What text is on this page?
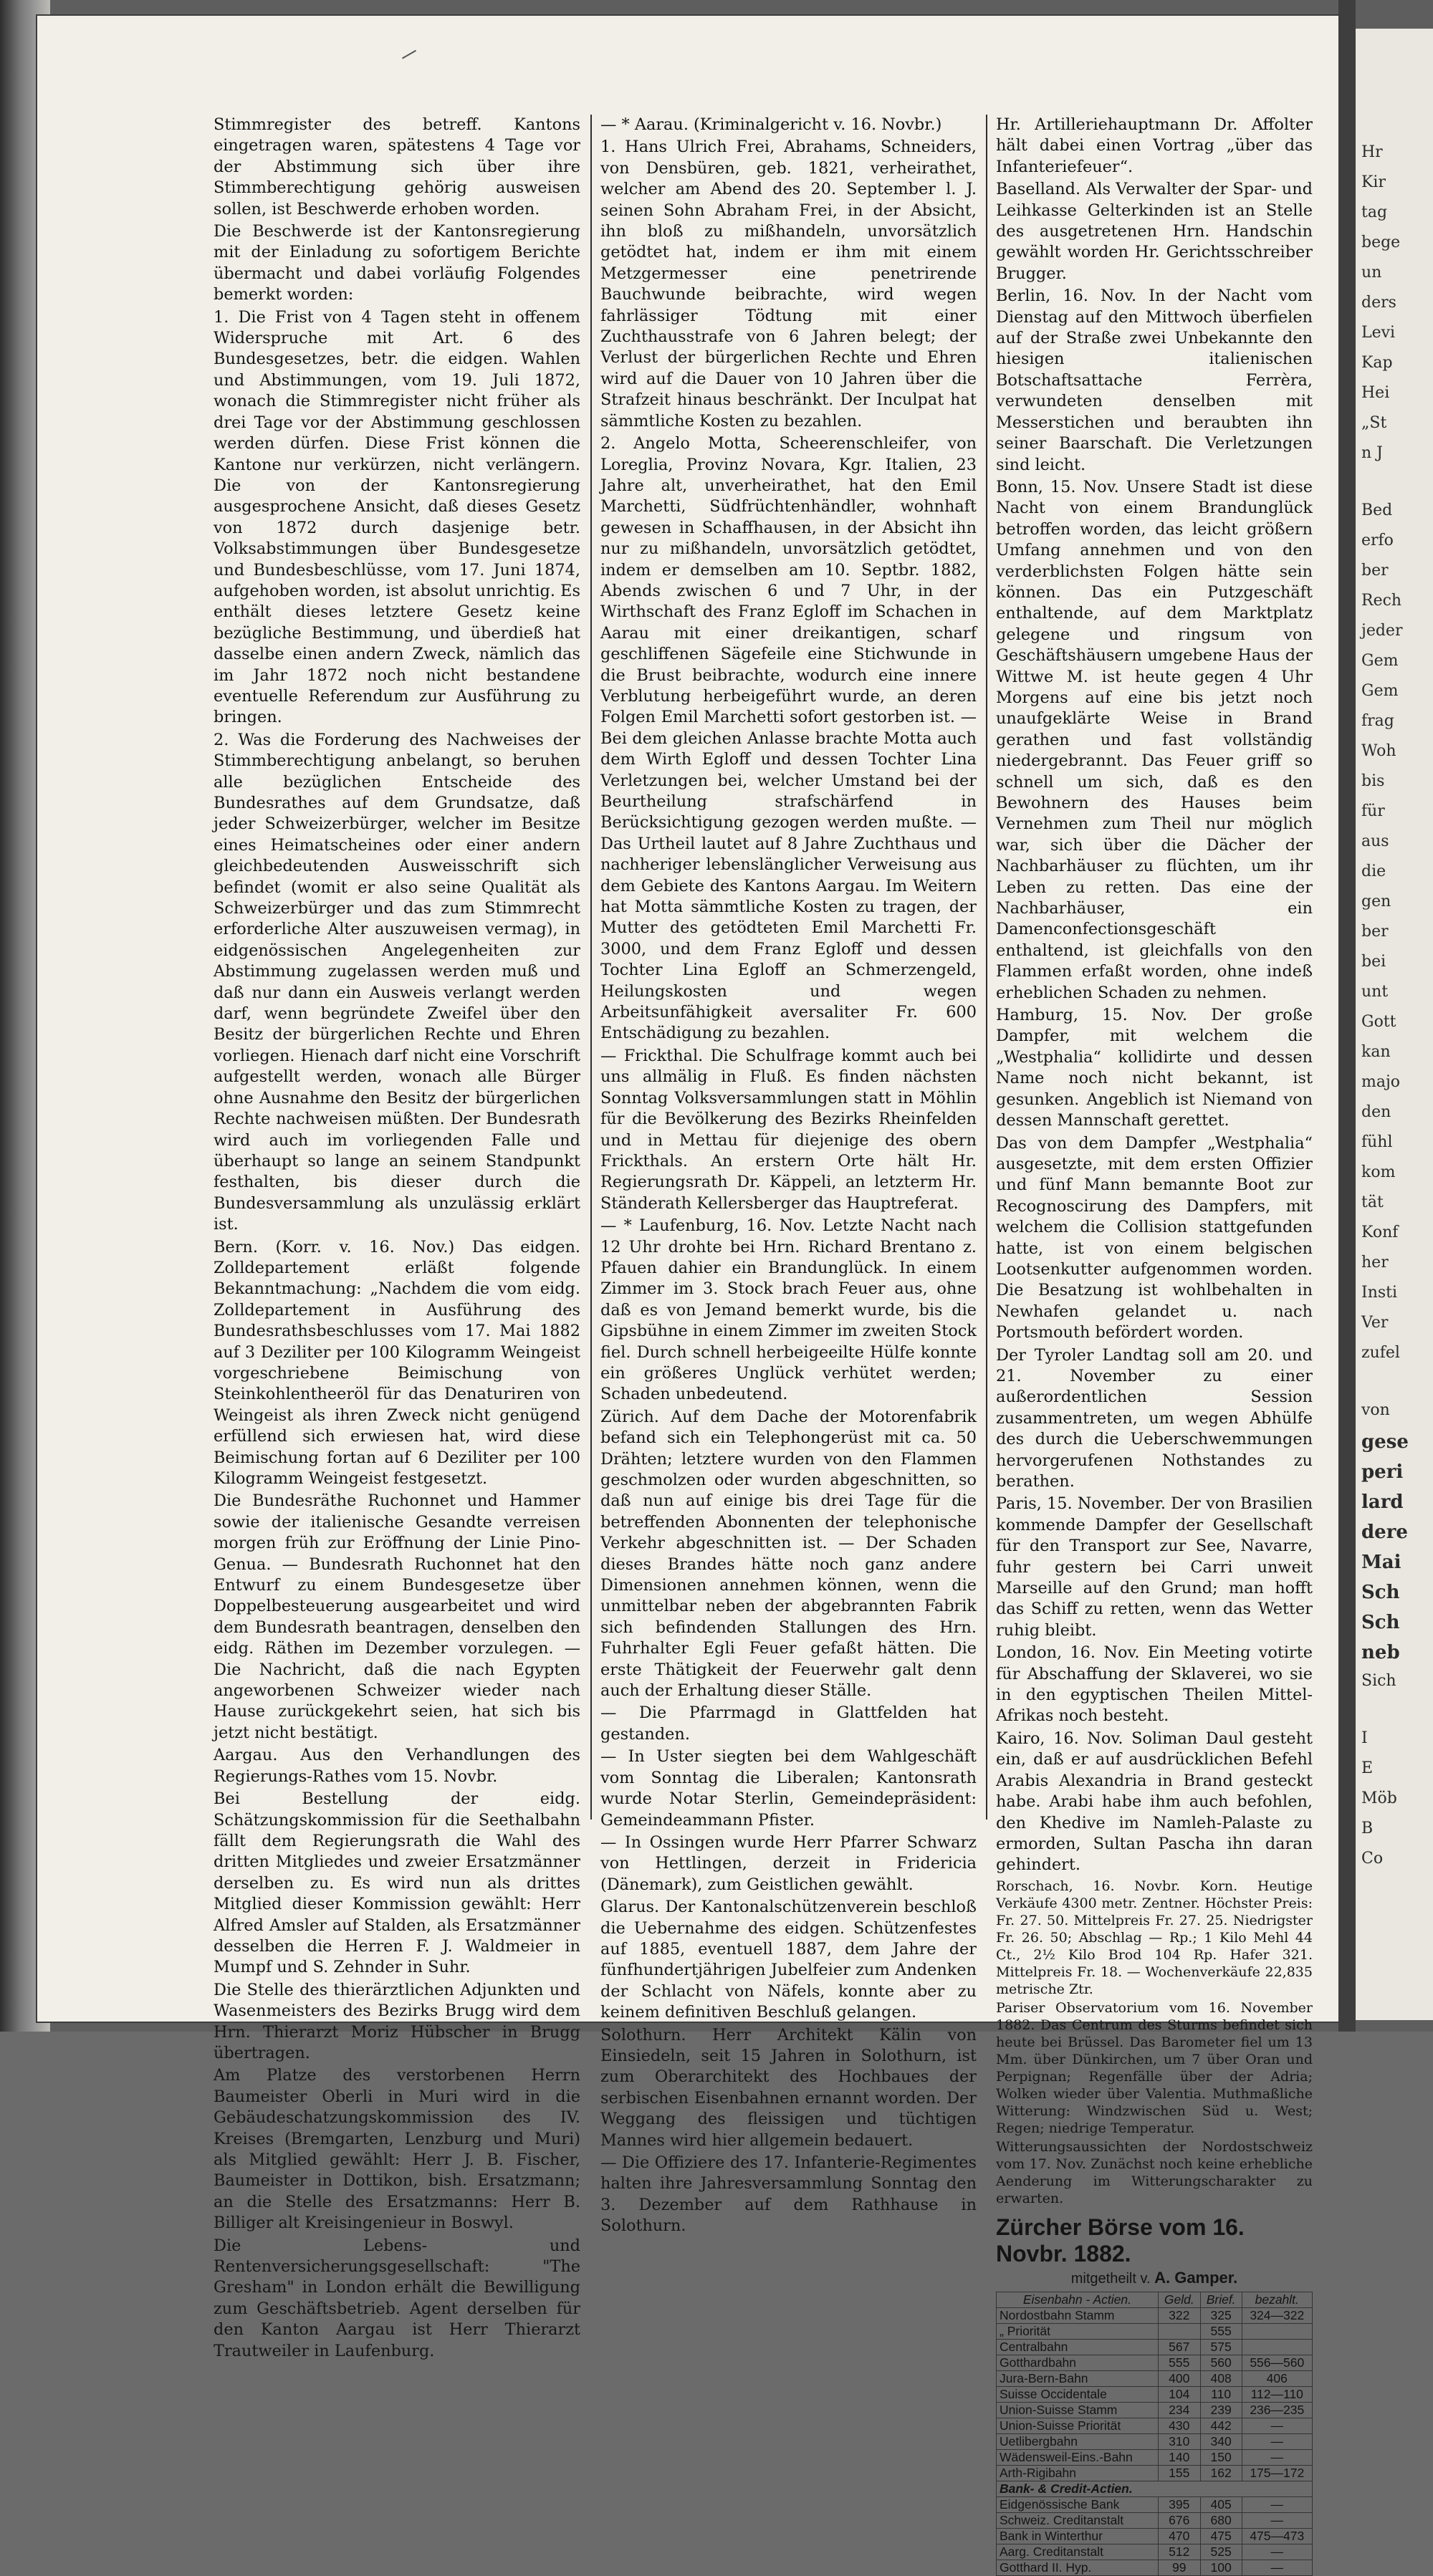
Stimmregister des betreff. Kantons eingetragen waren, spätestens 4 Tage vor der Abstimmung sich über ihre Stimmberechtigung gehörig ausweisen sollen, ist Beschwerde erhoben worden.

Die Beschwerde ist der Kantonsregierung mit der Einladung zu sofortigem Berichte übermacht und dabei vorläufig Folgendes bemerkt worden:

1. Die Frist von 4 Tagen steht in offenem Widerspruche mit Art. 6 des Bundesgesetzes, betr. die eidgen. Wahlen und Abstimmungen, vom 19. Juli 1872, wonach die Stimmregister nicht früher als drei Tage vor der Abstimmung geschlossen werden dürfen. Diese Frist können die Kantone nur verkürzen, nicht verlängern. Die von der Kantonsregierung ausgesprochene Ansicht, daß dieses Gesetz von 1872 durch dasjenige betr. Volksabstimmungen über Bundesgesetze und Bundesbeschlüsse, vom 17. Juni 1874, aufgehoben worden, ist absolut unrichtig. Es enthält dieses letztere Gesetz keine bezügliche Bestimmung, und überdieß hat dasselbe einen andern Zweck, nämlich das im Jahr 1872 noch nicht bestandene eventuelle Referendum zur Ausführung zu bringen.

2. Was die Forderung des Nachweises der Stimmberechtigung anbelangt, so beruhen alle bezüglichen Entscheide des Bundesrathes auf dem Grundsatze, daß jeder Schweizerbürger, welcher im Besitze eines Heimatscheines oder einer andern gleichbedeutenden Ausweisschrift sich befindet (womit er also seine Qualität als Schweizerbürger und das zum Stimmrecht erforderliche Alter auszuweisen vermag), in eidgenössischen Angelegenheiten zur Abstimmung zugelassen werden muß und daß nur dann ein Ausweis verlangt werden darf, wenn begründete Zweifel über den Besitz der bürgerlichen Rechte und Ehren vorliegen. Hienach darf nicht eine Vorschrift aufgestellt werden, wonach alle Bürger ohne Ausnahme den Besitz der bürgerlichen Rechte nachweisen müßten. Der Bundesrath wird auch im vorliegenden Falle und überhaupt so lange an seinem Standpunkt festhalten, bis dieser durch die Bundesversammlung als unzulässig erklärt ist.

Bern. (Korr. v. 16. Nov.) Das eidgen. Zolldepartement erläßt folgende Bekanntmachung: „Nachdem die vom eidg. Zolldepartement in Ausführung des Bundesrathsbeschlusses vom 17. Mai 1882 auf 3 Deziliter per 100 Kilogramm Weingeist vorgeschriebene Beimischung von Steinkohlentheeröl für das Denaturiren von Weingeist als ihren Zweck nicht genügend erfüllend sich erwiesen hat, wird diese Beimischung fortan auf 6 Deziliter per 100 Kilogramm Weingeist festgesetzt.

Die Bundesräthe Ruchonnet und Hammer sowie der italienische Gesandte verreisen morgen früh zur Eröffnung der Linie Pino-Genua. — Bundesrath Ruchonnet hat den Entwurf zu einem Bundesgesetze über Doppelbesteuerung ausgearbeitet und wird dem Bundesrath beantragen, denselben den eidg. Räthen im Dezember vorzulegen. — Die Nachricht, daß die nach Egypten angeworbenen Schweizer wieder nach Hause zurückgekehrt seien, hat sich bis jetzt nicht bestätigt.

Aargau. Aus den Verhandlungen des Regierungs-Rathes vom 15. Novbr.

Bei Bestellung der eidg. Schätzungskommission für die Seethalbahn fällt dem Regierungsrath die Wahl des dritten Mitgliedes und zweier Ersatzmänner derselben zu. Es wird nun als drittes Mitglied dieser Kommission gewählt: Herr Alfred Amsler auf Stalden, als Ersatzmänner desselben die Herren F. J. Waldmeier in Mumpf und S. Zehnder in Suhr.

Die Stelle des thierärztlichen Adjunkten und Wasenmeisters des Bezirks Brugg wird dem Hrn. Thierarzt Moriz Hübscher in Brugg übertragen.

Am Platze des verstorbenen Herrn Baumeister Oberli in Muri wird in die Gebäudeschatzungskommission des IV. Kreises (Bremgarten, Lenzburg und Muri) als Mitglied gewählt: Herr J. B. Fischer, Baumeister in Dottikon, bish. Ersatzmann; an die Stelle des Ersatzmanns: Herr B. Billiger alt Kreisingenieur in Boswyl.

Die Lebens- und Rentenversicherungsgesellschaft: "The Gresham" in London erhält die Bewilligung zum Geschäftsbetrieb. Agent derselben für den Kanton Aargau ist Herr Thierarzt Trautweiler in Laufenburg.

— * Aarau. (Kriminalgericht v. 16. Novbr.)

1. Hans Ulrich Frei, Abrahams, Schneiders, von Densbüren, geb. 1821, verheirathet, welcher am Abend des 20. September l. J. seinen Sohn Abraham Frei, in der Absicht, ihn bloß zu mißhandeln, unvorsätzlich getödtet hat, indem er ihm mit einem Metzgermesser eine penetrirende Bauchwunde beibrachte, wird wegen fahrlässiger Tödtung mit einer Zuchthausstrafe von 6 Jahren belegt; der Verlust der bürgerlichen Rechte und Ehren wird auf die Dauer von 10 Jahren über die Strafzeit hinaus beschränkt. Der Inculpat hat sämmtliche Kosten zu bezahlen.

2. Angelo Motta, Scheerenschleifer, von Loreglia, Provinz Novara, Kgr. Italien, 23 Jahre alt, unverheirathet, hat den Emil Marchetti, Südfrüchtenhändler, wohnhaft gewesen in Schaffhausen, in der Absicht ihn nur zu mißhandeln, unvorsätzlich getödtet, indem er demselben am 10. Septbr. 1882, Abends zwischen 6 und 7 Uhr, in der Wirthschaft des Franz Egloff im Schachen in Aarau mit einer dreikantigen, scharf geschliffenen Sägefeile eine Stichwunde in die Brust beibrachte, wodurch eine innere Verblutung herbeigeführt wurde, an deren Folgen Emil Marchetti sofort gestorben ist. — Bei dem gleichen Anlasse brachte Motta auch dem Wirth Egloff und dessen Tochter Lina Verletzungen bei, welcher Umstand bei der Beurtheilung strafschärfend in Berücksichtigung gezogen werden mußte. — Das Urtheil lautet auf 8 Jahre Zuchthaus und nachheriger lebenslänglicher Verweisung aus dem Gebiete des Kantons Aargau. Im Weitern hat Motta sämmtliche Kosten zu tragen, der Mutter des getödteten Emil Marchetti Fr. 3000, und dem Franz Egloff und dessen Tochter Lina Egloff an Schmerzengeld, Heilungskosten und wegen Arbeitsunfähigkeit aversaliter Fr. 600 Entschädigung zu bezahlen.

— Frickthal. Die Schulfrage kommt auch bei uns allmälig in Fluß. Es finden nächsten Sonntag Volksversammlungen statt in Möhlin für die Bevölkerung des Bezirks Rheinfelden und in Mettau für diejenige des obern Frickthals. An erstern Orte hält Hr. Regierungsrath Dr. Käppeli, an letzterm Hr. Ständerath Kellersberger das Hauptreferat.

— * Laufenburg, 16. Nov. Letzte Nacht nach 12 Uhr drohte bei Hrn. Richard Brentano z. Pfauen dahier ein Brandunglück. In einem Zimmer im 3. Stock brach Feuer aus, ohne daß es von Jemand bemerkt wurde, bis die Gipsbühne in einem Zimmer im zweiten Stock fiel. Durch schnell herbeigeeilte Hülfe konnte ein größeres Unglück verhütet werden; Schaden unbedeutend.

Zürich. Auf dem Dache der Motorenfabrik befand sich ein Telephongerüst mit ca. 50 Drähten; letztere wurden von den Flammen geschmolzen oder wurden abgeschnitten, so daß nun auf einige bis drei Tage für die betreffenden Abonnenten der telephonische Verkehr abgeschnitten ist. — Der Schaden dieses Brandes hätte noch ganz andere Dimensionen annehmen können, wenn die unmittelbar neben der abgebrannten Fabrik sich befindenden Stallungen des Hrn. Fuhrhalter Egli Feuer gefaßt hätten. Die erste Thätigkeit der Feuerwehr galt denn auch der Erhaltung dieser Ställe.

— Die Pfarrmagd in Glattfelden hat gestanden.

— In Uster siegten bei dem Wahlgeschäft vom Sonntag die Liberalen; Kantonsrath wurde Notar Sterlin, Gemeindepräsident: Gemeindeammann Pfister.

— In Ossingen wurde Herr Pfarrer Schwarz von Hettlingen, derzeit in Fridericia (Dänemark), zum Geistlichen gewählt.

Glarus. Der Kantonalschützenverein beschloß die Uebernahme des eidgen. Schützenfestes auf 1885, eventuell 1887, dem Jahre der fünfhundertjährigen Jubelfeier zum Andenken der Schlacht von Näfels, konnte aber zu keinem definitiven Beschluß gelangen.

Solothurn. Herr Architekt Kälin von Einsiedeln, seit 15 Jahren in Solothurn, ist zum Oberarchitekt des Hochbaues der serbischen Eisenbahnen ernannt worden. Der Weggang des fleissigen und tüchtigen Mannes wird hier allgemein bedauert.

— Die Offiziere des 17. Infanterie-Regimentes halten ihre Jahresversammlung Sonntag den 3. Dezember auf dem Rathhause in Solothurn.

Hr. Artilleriehauptmann Dr. Affolter hält dabei einen Vortrag „über das Infanteriefeuer“.

Baselland. Als Verwalter der Spar- und Leihkasse Gelterkinden ist an Stelle des ausgetretenen Hrn. Handschin gewählt worden Hr. Gerichtsschreiber Brugger.

Berlin, 16. Nov. In der Nacht vom Dienstag auf den Mittwoch überfielen auf der Straße zwei Unbekannte den hiesigen italienischen Botschaftsattache Ferrèra, verwundeten denselben mit Messerstichen und beraubten ihn seiner Baarschaft. Die Verletzungen sind leicht.

Bonn, 15. Nov. Unsere Stadt ist diese Nacht von einem Brandunglück betroffen worden, das leicht größern Umfang annehmen und von den verderblichsten Folgen hätte sein können. Das ein Putzgeschäft enthaltende, auf dem Marktplatz gelegene und ringsum von Geschäftshäusern umgebene Haus der Wittwe M. ist heute gegen 4 Uhr Morgens auf eine bis jetzt noch unaufgeklärte Weise in Brand gerathen und fast vollständig niedergebrannt. Das Feuer griff so schnell um sich, daß es den Bewohnern des Hauses beim Vernehmen zum Theil nur möglich war, sich über die Dächer der Nachbarhäuser zu flüchten, um ihr Leben zu retten. Das eine der Nachbarhäuser, ein Damenconfectionsgeschäft enthaltend, ist gleichfalls von den Flammen erfaßt worden, ohne indeß erheblichen Schaden zu nehmen.

Hamburg, 15. Nov. Der große Dampfer, mit welchem die „Westphalia“ kollidirte und dessen Name noch nicht bekannt, ist gesunken. Angeblich ist Niemand von dessen Mannschaft gerettet.

Das von dem Dampfer „Westphalia“ ausgesetzte, mit dem ersten Offizier und fünf Mann bemannte Boot zur Recognoscirung des Dampfers, mit welchem die Collision stattgefunden hatte, ist von einem belgischen Lootsenkutter aufgenommen worden. Die Besatzung ist wohlbehalten in Newhafen gelandet u. nach Portsmouth befördert worden.

Der Tyroler Landtag soll am 20. und 21. November zu einer außerordentlichen Session zusammentreten, um wegen Abhülfe des durch die Ueberschwemmungen hervorgerufenen Nothstandes zu berathen.

Paris, 15. November. Der von Brasilien kommende Dampfer der Gesellschaft für den Transport zur See, Navarre, fuhr gestern bei Carri unweit Marseille auf den Grund; man hofft das Schiff zu retten, wenn das Wetter ruhig bleibt.

London, 16. Nov. Ein Meeting votirte für Abschaffung der Sklaverei, wo sie in den egyptischen Theilen Mittel-Afrikas noch besteht.

Kairo, 16. Nov. Soliman Daul gesteht ein, daß er auf ausdrücklichen Befehl Arabis Alexandria in Brand gesteckt habe. Arabi habe ihm auch befohlen, den Khedive im Namleh-Palaste zu ermorden, Sultan Pascha ihn daran gehindert.

Rorschach, 16. Novbr. Korn. Heutige Verkäufe 4300 metr. Zentner. Höchster Preis: Fr. 27. 50. Mittelpreis Fr. 27. 25. Niedrigster Fr. 26. 50; Abschlag — Rp.; 1 Kilo Mehl 44 Ct., 2½ Kilo Brod 104 Rp. Hafer 321. Mittelpreis Fr. 18. — Wochenverkäufe 22,835 metrische Ztr.

Pariser Observatorium vom 16. November 1882. Das Centrum des Sturms befindet sich heute bei Brüssel. Das Barometer fiel um 13 Mm. über Dünkirchen, um 7 über Oran und Perpignan; Regenfälle über der Adria; Wolken wieder über Valentia. Muthmaßliche Witterung: Windzwischen Süd u. West; Regen; niedrige Temperatur.

Witterungsaussichten der Nordostschweiz vom 17. Nov. Zunächst noch keine erhebliche Aenderung im Witterungscharakter zu erwarten.

Zürcher Börse vom 16. Novbr. 1882.
mitgetheilt v. A. Gamper.
Eisenbahn - Actien.	Geld.	Brief.	bezahlt.
Nordostbahn Stamm	322	325	324—322
„ Priorität		555	
Centralbahn	567	575	
Gotthardbahn	555	560	556—560
Jura-Bern-Bahn	400	408	406
Suisse Occidentale	104	110	112—110
Union-Suisse Stamm	234	239	236—235
Union-Suisse Priorität	430	442	—
Uetlibergbahn	310	340	—
Wädensweil-Eins.-Bahn	140	150	—
Arth-Rigibahn	155	162	175—172
Bank- & Credit-Actien.			
Eidgenössische Bank	395	405	—
Schweiz. Creditanstalt	676	680	—
Bank in Winterthur	470	475	475—473
Aarg. Creditanstalt	512	525	—
Gotthard II. Hyp.	99	100	—
Hr
Kir
tag
bege
un
ders
Levi
Kap
Hei
„St
n J
Bed
erfo
ber
Rech
jeder
Gem
Gem
frag
Woh
bis
für
aus
die
gen
ber
bei
unt
Gott
kan
majo
den
fühl
kom
tät
Konf
her
Insti
Ver
zufel
von
gese
peri
lard
dere
Mai
Sch
Sch
neb
Sich
I
E
Möb
B
Co
